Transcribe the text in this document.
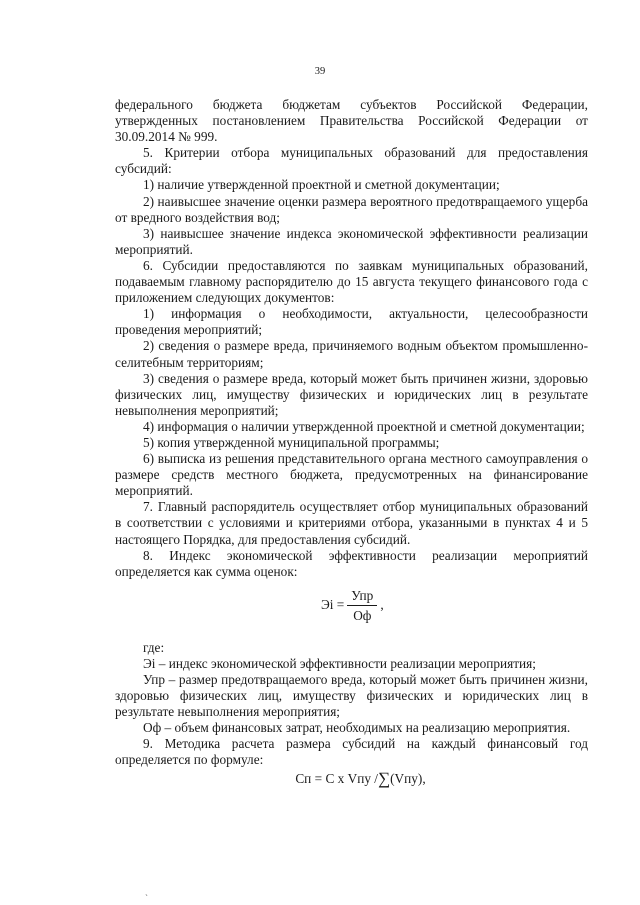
39

федерального бюджета бюджетам субъектов Российской Федерации, утвержденных постановлением Правительства Российской Федерации от 30.09.2014 № 999.

5. Критерии отбора муниципальных образований для предоставления субсидий:

1) наличие утвержденной проектной и сметной документации;

2) наивысшее значение оценки размера вероятного предотвращаемого ущерба от вредного воздействия вод;

3) наивысшее значение индекса экономической эффективности реализации мероприятий.

6. Субсидии предоставляются по заявкам муниципальных образований, подаваемым главному распорядителю до 15 августа текущего финансового года с приложением следующих документов:

1) информация о необходимости, актуальности, целесообразности проведения мероприятий;

2) сведения о размере вреда, причиняемого водным объектом промышленно-селитебным территориям;

3) сведения о размере вреда, который может быть причинен жизни, здоровью физических лиц, имуществу физических и юридических лиц в результате невыполнения мероприятий;

4) информация о наличии утвержденной проектной и сметной документации;

5) копия утвержденной муниципальной программы;

6) выписка из решения представительного органа местного самоуправления о размере средств местного бюджета, предусмотренных на финансирование мероприятий.

7. Главный распорядитель осуществляет отбор муниципальных образований в соответствии с условиями и критериями отбора, указанными в пунктах 4 и 5 настоящего Порядка, для предоставления субсидий.

8. Индекс экономической эффективности реализации мероприятий определяется как сумма оценок:

Эi = $\frac{\text{Упр}}{Оф}$ ,

где:

Эi – индекс экономической эффективности реализации мероприятия;

Упр – размер предотвращаемого вреда, который может быть причинен жизни, здоровью физических лиц, имуществу физических и юридических лиц в результате невыполнения мероприятия;

Оф – объем финансовых затрат, необходимых на реализацию мероприятия.

9. Методика расчета размера субсидий на каждый финансовый год определяется по формуле:

Сп = С х Vпу /∑(Vпу),
ˎ
